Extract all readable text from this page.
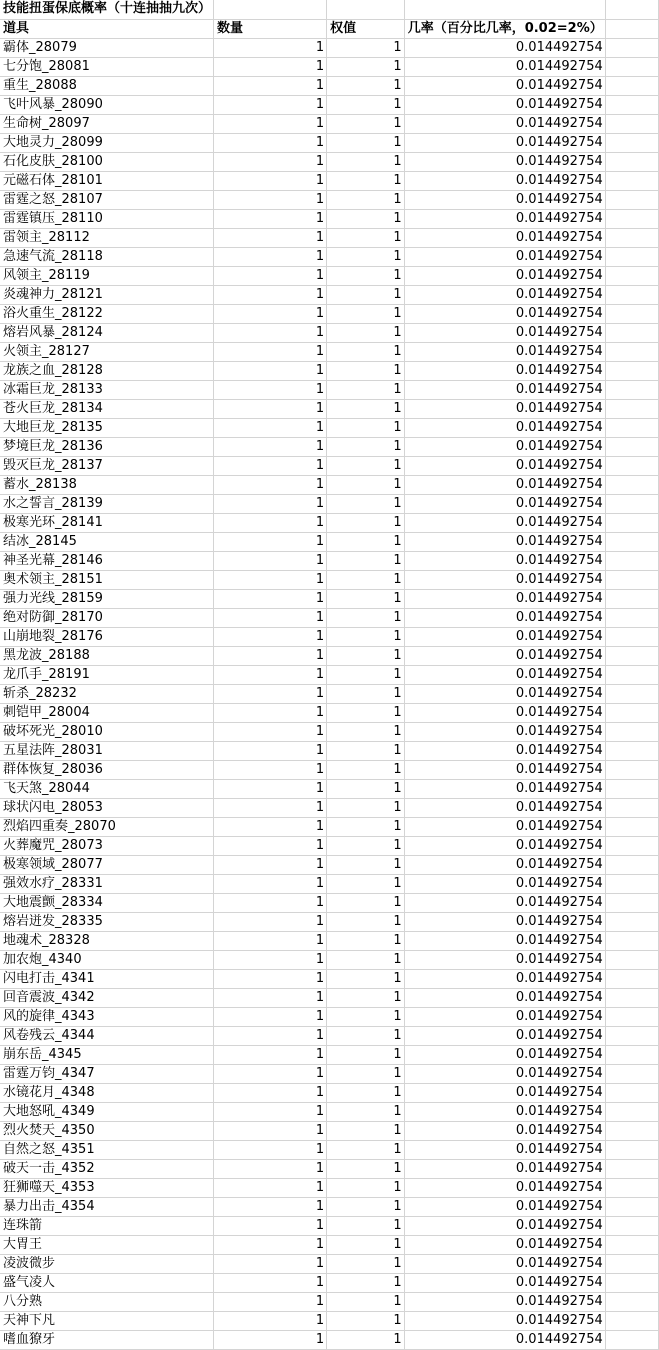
技能扭蛋保底概率（十连抽抽九次）				
道具	数量	权值	几率（百分比几率，0.02=2%）	
霸体_28079	1	1	0.014492754	
七分饱_28081	1	1	0.014492754	
重生_28088	1	1	0.014492754	
飞叶风暴_28090	1	1	0.014492754	
生命树_28097	1	1	0.014492754	
大地灵力_28099	1	1	0.014492754	
石化皮肤_28100	1	1	0.014492754	
元磁石体_28101	1	1	0.014492754	
雷霆之怒_28107	1	1	0.014492754	
雷霆镇压_28110	1	1	0.014492754	
雷领主_28112	1	1	0.014492754	
急速气流_28118	1	1	0.014492754	
风领主_28119	1	1	0.014492754	
炎魂神力_28121	1	1	0.014492754	
浴火重生_28122	1	1	0.014492754	
熔岩风暴_28124	1	1	0.014492754	
火领主_28127	1	1	0.014492754	
龙族之血_28128	1	1	0.014492754	
冰霜巨龙_28133	1	1	0.014492754	
苍火巨龙_28134	1	1	0.014492754	
大地巨龙_28135	1	1	0.014492754	
梦境巨龙_28136	1	1	0.014492754	
毁灭巨龙_28137	1	1	0.014492754	
蓄水_28138	1	1	0.014492754	
水之誓言_28139	1	1	0.014492754	
极寒光环_28141	1	1	0.014492754	
结冰_28145	1	1	0.014492754	
神圣光幕_28146	1	1	0.014492754	
奥术领主_28151	1	1	0.014492754	
强力光线_28159	1	1	0.014492754	
绝对防御_28170	1	1	0.014492754	
山崩地裂_28176	1	1	0.014492754	
黑龙波_28188	1	1	0.014492754	
龙爪手_28191	1	1	0.014492754	
斩杀_28232	1	1	0.014492754	
刺铠甲_28004	1	1	0.014492754	
破坏死光_28010	1	1	0.014492754	
五星法阵_28031	1	1	0.014492754	
群体恢复_28036	1	1	0.014492754	
飞天煞_28044	1	1	0.014492754	
球状闪电_28053	1	1	0.014492754	
烈焰四重奏_28070	1	1	0.014492754	
火葬魔咒_28073	1	1	0.014492754	
极寒领域_28077	1	1	0.014492754	
强效水疗_28331	1	1	0.014492754	
大地震颤_28334	1	1	0.014492754	
熔岩迸发_28335	1	1	0.014492754	
地魂术_28328	1	1	0.014492754	
加农炮_4340	1	1	0.014492754	
闪电打击_4341	1	1	0.014492754	
回音震波_4342	1	1	0.014492754	
风的旋律_4343	1	1	0.014492754	
风卷残云_4344	1	1	0.014492754	
崩东岳_4345	1	1	0.014492754	
雷霆万钧_4347	1	1	0.014492754	
水镜花月_4348	1	1	0.014492754	
大地怒吼_4349	1	1	0.014492754	
烈火焚天_4350	1	1	0.014492754	
自然之怒_4351	1	1	0.014492754	
破天一击_4352	1	1	0.014492754	
狂狮噬天_4353	1	1	0.014492754	
暴力出击_4354	1	1	0.014492754	
连珠箭	1	1	0.014492754	
大胃王	1	1	0.014492754	
凌波微步	1	1	0.014492754	
盛气凌人	1	1	0.014492754	
八分熟	1	1	0.014492754	
天神下凡	1	1	0.014492754	
嗜血獠牙	1	1	0.014492754	
